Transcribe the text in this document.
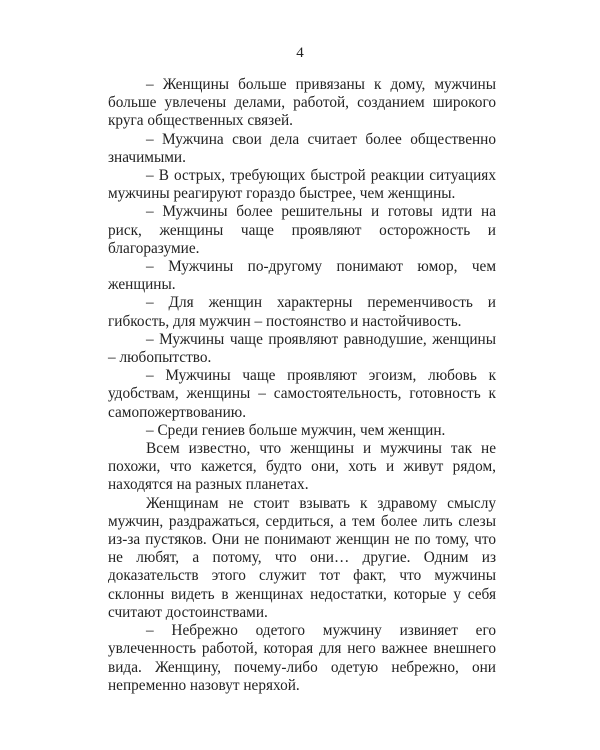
4

– Женщины больше привязаны к дому, мужчины больше увлечены делами, работой, созданием широкого круга общественных связей.

– Мужчина свои дела считает более общественно значимыми.

– В острых, требующих быстрой реакции ситуациях мужчины реагируют гораздо быстрее, чем женщины.

– Мужчины более решительны и готовы идти на риск, женщины чаще проявляют осторожность и благоразумие.

– Мужчины по-другому понимают юмор, чем женщины.

– Для женщин характерны переменчивость и гибкость, для мужчин – постоянство и настойчивость.

– Мужчины чаще проявляют равнодушие, женщины – любопытство.

– Мужчины чаще проявляют эгоизм, любовь к удобствам, женщины – самостоятельность, готовность к самопожертвованию.

– Среди гениев больше мужчин, чем женщин.

Всем известно, что женщины и мужчины так не похожи, что кажется, будто они, хоть и живут рядом, находятся на разных планетах.

Женщинам не стоит взывать к здравому смыслу мужчин, раздражаться, сердиться, а тем более лить слезы из-за пустяков. Они не понимают женщин не по тому, что не любят, а потому, что они… другие. Одним из доказательств этого служит тот факт, что мужчины склонны видеть в женщинах недостатки, которые у себя считают достоинствами.

– Небрежно одетого мужчину извиняет его увлеченность работой, которая для него важнее внешнего вида. Женщину, почему-либо одетую небрежно, они непременно назовут неряхой.
